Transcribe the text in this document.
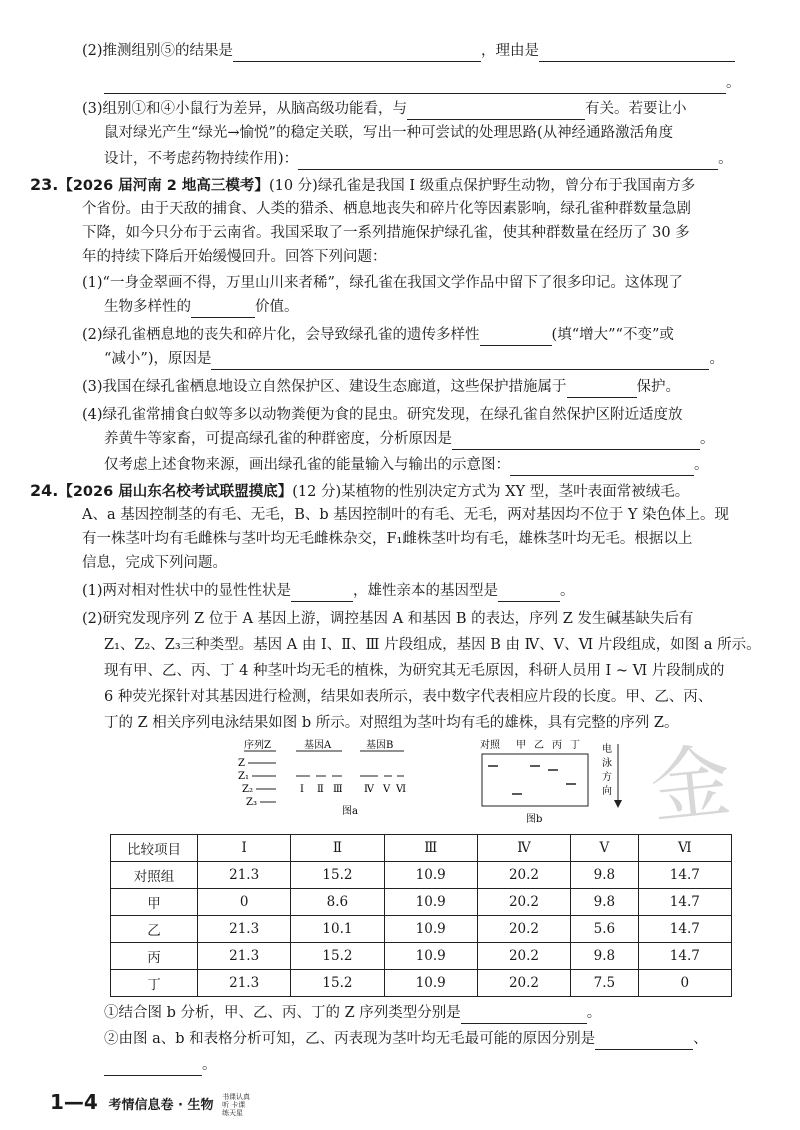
(2)推测组别⑤的结果是	，理由是
。
(3)组别①和④小鼠行为差异，从脑高级功能看，与	有关。若要让小
鼠对绿光产生“绿光→愉悦”的稳定关联，写出一种可尝试的处理思路(从神经通路激活角度
设计，不考虑药物持续作用)：	。
23.【2026 届河南 2 地高三模考】(10 分)绿孔雀是我国 Ⅰ 级重点保护野生动物，曾分布于我国南方多
个省份。由于天敌的捕食、人类的猎杀、栖息地丧失和碎片化等因素影响，绿孔雀种群数量急剧
下降，如今只分布于云南省。我国采取了一系列措施保护绿孔雀，使其种群数量在经历了 30 多
年的持续下降后开始缓慢回升。回答下列问题：
(1)“一身金翠画不得，万里山川来者稀”，绿孔雀在我国文学作品中留下了很多印记。这体现了
生物多样性的	价值。
(2)绿孔雀栖息地的丧失和碎片化，会导致绿孔雀的遗传多样性	(填“增大”“不变”或
“减小”)，原因是	。
(3)我国在绿孔雀栖息地设立自然保护区、建设生态廊道，这些保护措施属于	保护。
(4)绿孔雀常捕食白蚁等多以动物粪便为食的昆虫。研究发现，在绿孔雀自然保护区附近适度放
养黄牛等家畜，可提高绿孔雀的种群密度，分析原因是	。
仅考虑上述食物来源，画出绿孔雀的能量输入与输出的示意图：	。
24.【2026 届山东名校考试联盟摸底】(12 分)某植物的性别决定方式为 XY 型，茎叶表面常被绒毛。
A、a 基因控制茎的有毛、无毛，B、b 基因控制叶的有毛、无毛，两对基因均不位于 Y 染色体上。现
有一株茎叶均有毛雌株与茎叶均无毛雌株杂交，F₁雌株茎叶均有毛，雄株茎叶均无毛。根据以上
信息，完成下列问题。
(1)两对相对性状中的显性性状是	，雄性亲本的基因型是	。
(2)研究发现序列 Z 位于 A 基因上游，调控基因 A 和基因 B 的表达，序列 Z 发生碱基缺失后有
Z₁、Z₂、Z₃三种类型。基因 A 由 Ⅰ、Ⅱ、Ⅲ 片段组成，基因 B 由 Ⅳ、Ⅴ、Ⅵ 片段组成，如图 a 所示。
现有甲、乙、丙、丁 4 种茎叶均无毛的植株，为研究其无毛原因，科研人员用 Ⅰ ~ Ⅵ 片段制成的
6 种荧光探针对其基因进行检测，结果如表所示，表中数字代表相应片段的长度。甲、乙、丙、
丁的 Z 相关序列电泳结果如图 b 所示。对照组为茎叶均有毛的雄株，具有完整的序列 Z。
序列Z	基因A	基因B
Z
Z₁
Z₂
Z₃
Ⅰ Ⅱ Ⅲ Ⅳ Ⅴ Ⅵ
图a
对照 甲 乙 丙 丁 电
泳
方
向
图b 金
比较项目	Ⅰ	Ⅱ	Ⅲ	Ⅳ	Ⅴ	Ⅵ
对照组	21.3	15.2	10.9	20.2	9.8	14.7
甲	0	8.6	10.9	20.2	9.8	14.7
乙	21.3	10.1	10.9	20.2	5.6	14.7
丙	21.3	15.2	10.9	20.2	9.8	14.7
丁	21.3	15.2	10.9	20.2	7.5	0
①结合图 b 分析，甲、乙、丙、丁的 Z 序列类型分别是	。
②由图 a、b 和表格分析可知，乙、丙表现为茎叶均无毛最可能的原因分别是	、
。
1—4 考情信息卷 · 生物 书课认真听 卡课练天星
